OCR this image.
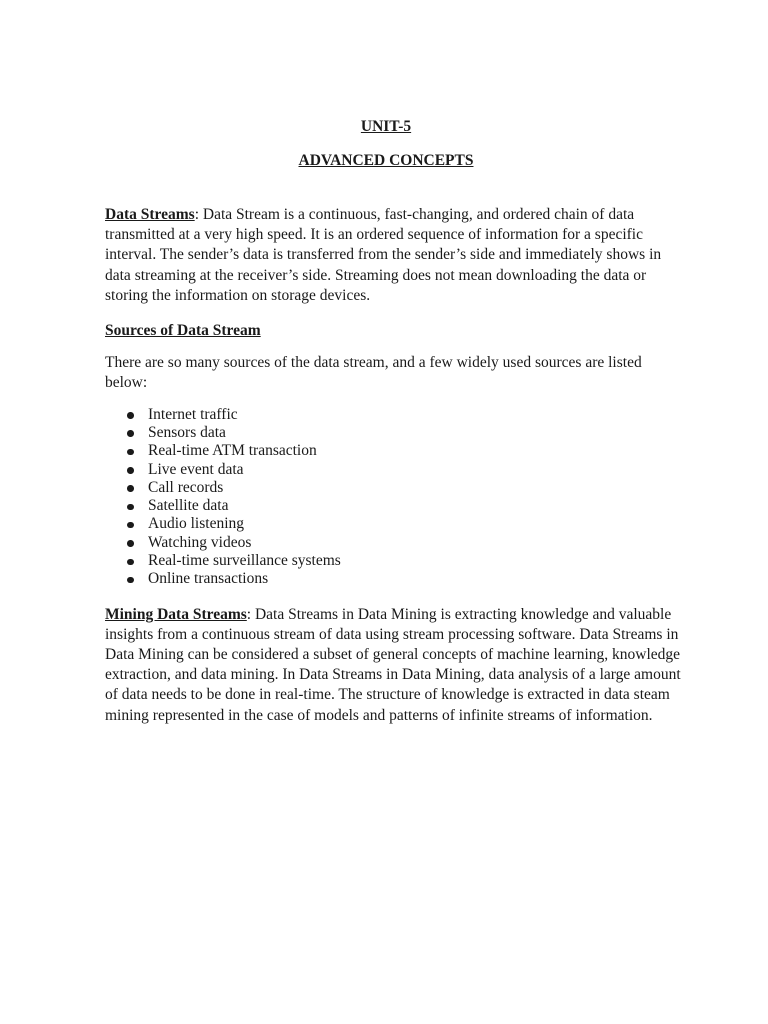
UNIT-5
ADVANCED CONCEPTS

Data Streams: Data Stream is a continuous, fast-changing, and ordered chain of data transmitted at a very high speed. It is an ordered sequence of information for a specific interval. The sender’s data is transferred from the sender’s side and immediately shows in data streaming at the receiver’s side. Streaming does not mean downloading the data or storing the information on storage devices.

Sources of Data Stream

There are so many sources of the data stream, and a few widely used sources are listed below:

Internet traffic
Sensors data
Real-time ATM transaction
Live event data
Call records
Satellite data
Audio listening
Watching videos
Real-time surveillance systems
Online transactions

Mining Data Streams: Data Streams in Data Mining is extracting knowledge and valuable insights from a continuous stream of data using stream processing software. Data Streams in Data Mining can be considered a subset of general concepts of machine learning, knowledge extraction, and data mining. In Data Streams in Data Mining, data analysis of a large amount of data needs to be done in real-time. The structure of knowledge is extracted in data steam mining represented in the case of models and patterns of infinite streams of information.
